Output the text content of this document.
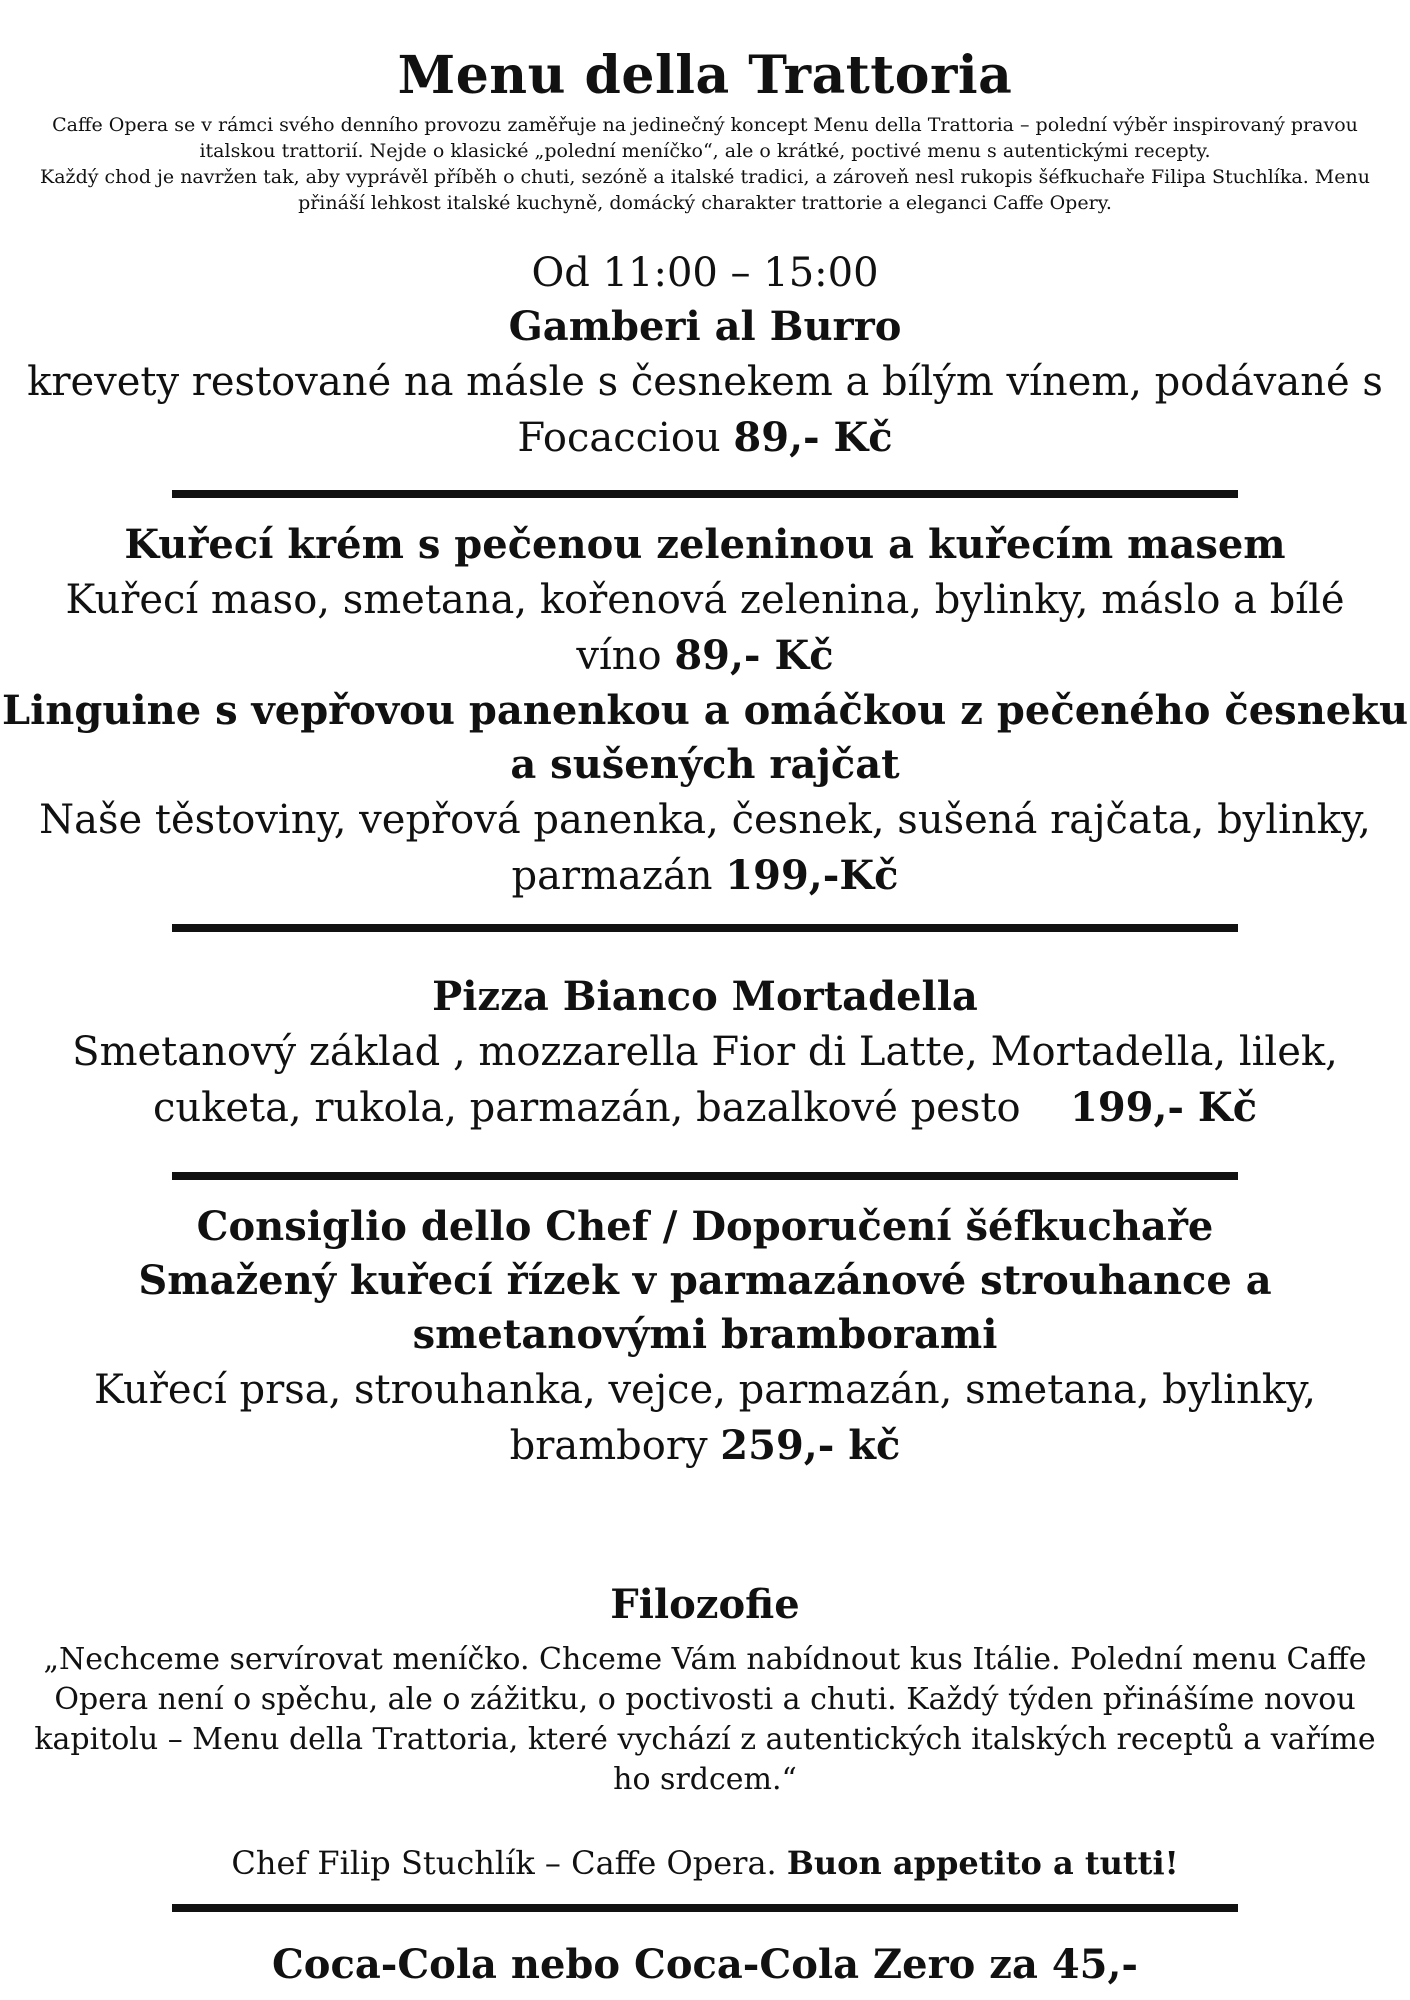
Menu della Trattoria
Caffe Opera se v rámci svého denního provozu zaměřuje na jedinečný koncept Menu della Trattoria – polední výběr inspirovaný pravou italskou trattorií. Nejde o klasické „polední meníčko“, ale o krátké, poctivé menu s autentickými recepty.
Každý chod je navržen tak, aby vyprávěl příběh o chuti, sezóně a italské tradici, a zároveň nesl rukopis šéfkuchaře Filipa Stuchlíka. Menu přináší lehkost italské kuchyně, domácký charakter trattorie a eleganci Caffe Opery.
Od 11:00 – 15:00
Gamberi al Burro
krevety restované na másle s česnekem a bílým vínem, podávané s Focacciou 89,- Kč
Kuřecí krém s pečenou zeleninou a kuřecím masem
Kuřecí maso, smetana, kořenová zelenina, bylinky, máslo a bílé víno 89,- Kč
Linguine s vepřovou panenkou a omáčkou z pečeného česneku a sušených rajčat
Naše těstoviny, vepřová panenka, česnek, sušená rajčata, bylinky, parmazán 199,-Kč
Pizza Bianco Mortadella
Smetanový základ , mozzarella Fior di Latte, Mortadella, lilek, cuketa, rukola, parmazán, bazalkové pesto 199,- Kč
Consiglio dello Chef / Doporučení šéfkuchaře
Smažený kuřecí řízek v parmazánové strouhance a smetanovými bramborami
Kuřecí prsa, strouhanka, vejce, parmazán, smetana, bylinky, brambory 259,- kč
Filozofie
„Nechceme servírovat meníčko. Chceme Vám nabídnout kus Itálie. Polední menu Caffe Opera není o spěchu, ale o zážitku, o poctivosti a chuti. Každý týden přinášíme novou kapitolu – Menu della Trattoria, které vychází z autentických italských receptů a vaříme ho srdcem.“
Chef Filip Stuchlík – Caffe Opera. Buon appetito a tutti!
Coca-Cola nebo Coca-Cola Zero za 45,-
